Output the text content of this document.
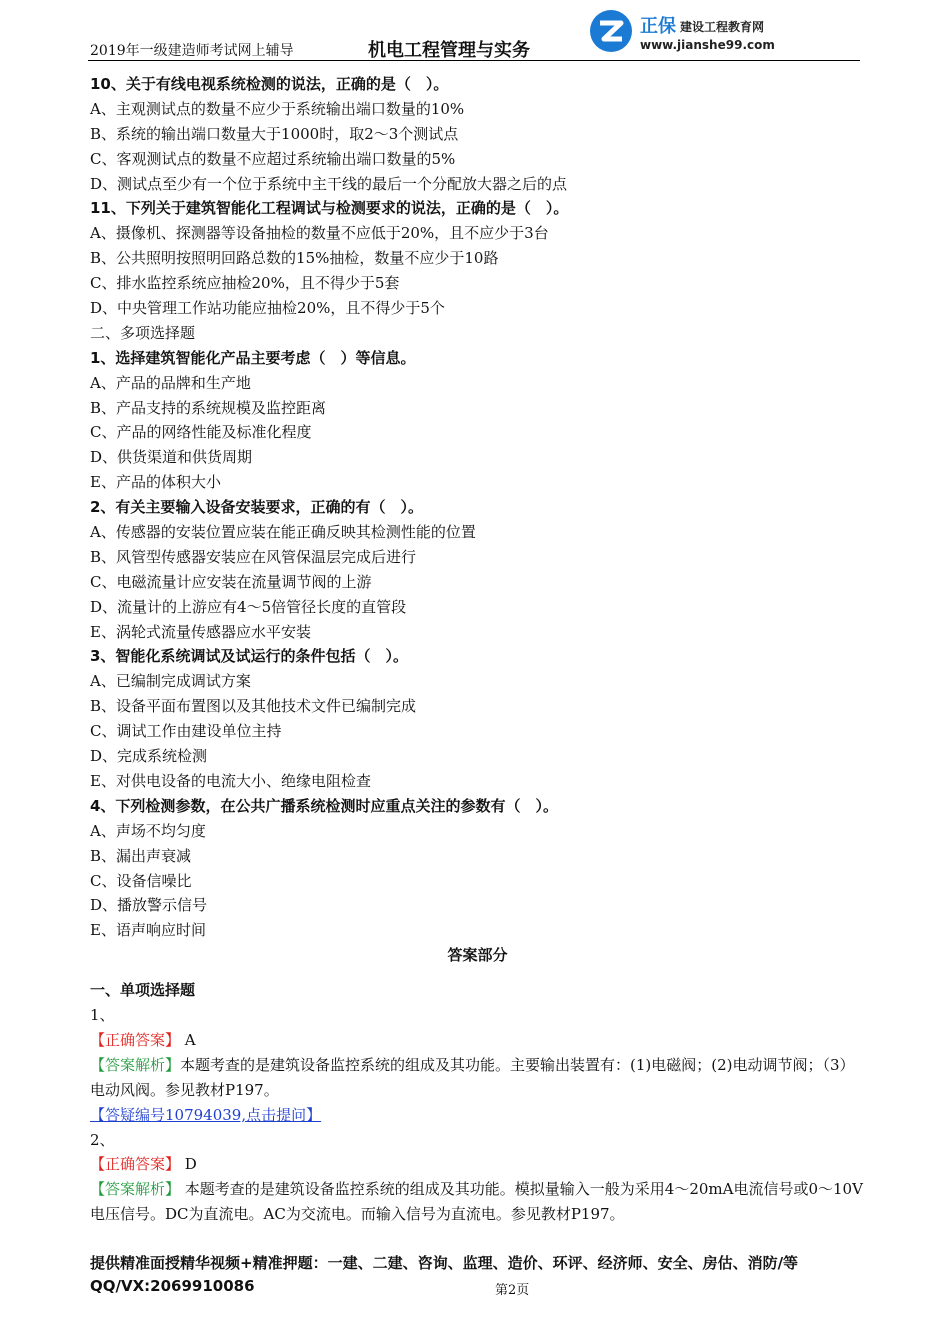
2019年一级建造师考试网上辅导	机电工程管理与实务
正保 建设工程教育网
www.jianshe99.com
10、关于有线电视系统检测的说法，正确的是（　）。
A、主观测试点的数量不应少于系统输出端口数量的10%
B、系统的输出端口数量大于1000时，取2～3个测试点
C、客观测试点的数量不应超过系统输出端口数量的5%
D、测试点至少有一个位于系统中主干线的最后一个分配放大器之后的点
11、下列关于建筑智能化工程调试与检测要求的说法，正确的是（　）。
A、摄像机、探测器等设备抽检的数量不应低于20%，且不应少于3台
B、公共照明按照明回路总数的15%抽检，数量不应少于10路
C、排水监控系统应抽检20%，且不得少于5套
D、中央管理工作站功能应抽检20%，且不得少于5个
二、多项选择题
1、选择建筑智能化产品主要考虑（　）等信息。
A、产品的品牌和生产地
B、产品支持的系统规模及监控距离
C、产品的网络性能及标准化程度
D、供货渠道和供货周期
E、产品的体积大小
2、有关主要输入设备安装要求，正确的有（　）。
A、传感器的安装位置应装在能正确反映其检测性能的位置
B、风管型传感器安装应在风管保温层完成后进行
C、电磁流量计应安装在流量调节阀的上游
D、流量计的上游应有4～5倍管径长度的直管段
E、涡轮式流量传感器应水平安装
3、智能化系统调试及试运行的条件包括（　）。
A、已编制完成调试方案
B、设备平面布置图以及其他技术文件已编制完成
C、调试工作由建设单位主持
D、完成系统检测
E、对供电设备的电流大小、绝缘电阻检查
4、下列检测参数，在公共广播系统检测时应重点关注的参数有（　）。
A、声场不均匀度
B、漏出声衰减
C、设备信噪比
D、播放警示信号
E、语声响应时间
答案部分
一、单项选择题
1、
【正确答案】 A
【答案解析】本题考查的是建筑设备监控系统的组成及其功能。主要输出装置有：(1)电磁阀；(2)电动调节阀；（3）电动风阀。参见教材P197。
【答疑编号10794039,点击提问】
2、
【正确答案】 D
【答案解析】 本题考查的是建筑设备监控系统的组成及其功能。模拟量输入一般为采用4～20mA电流信号或0～10V电压信号。DC为直流电。AC为交流电。而输入信号为直流电。参见教材P197。
提供精准面授精华视频+精准押题：一建、二建、咨询、监理、造价、环评、经济师、安全、房估、消防/等
QQ/VX:2069910086	第2页
